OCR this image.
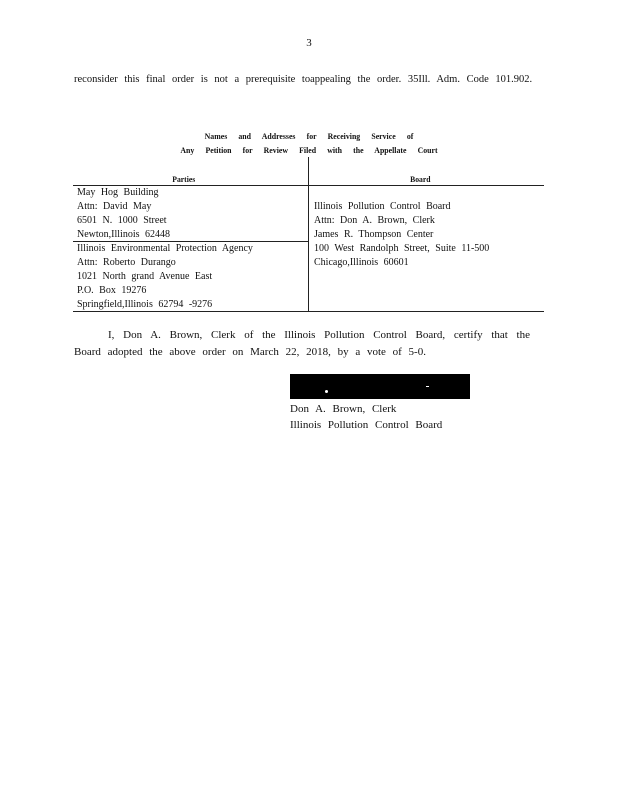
3
reconsider this final order is not a prerequisite toappealing the order. 35Ill. Adm. Code 101.902.
Names and Addresses for Receiving Service of
Any Petition for Review Filed with the Appellate Court
Parties	Board
May Hog Building
Attn: David May
6501 N. 1000 Street
Newton,Illinois 62448
Illinois Environmental Protection Agency
Attn: Roberto Durango
1021 North grand Avenue East
P.O. Box 19276
Springfield,Illinois 62794 -9276
Illinois Pollution Control Board
Attn: Don A. Brown, Clerk
James R. Thompson Center
100 West Randolph Street, Suite 11-500
Chicago,Illinois 60601
I, Don A. Brown, Clerk of the Illinois Pollution Control Board, certify that the Board adopted the above order on March 22, 2018, by a vote of 5-0.
Don A. Brown, Clerk
Illinois Pollution Control Board
